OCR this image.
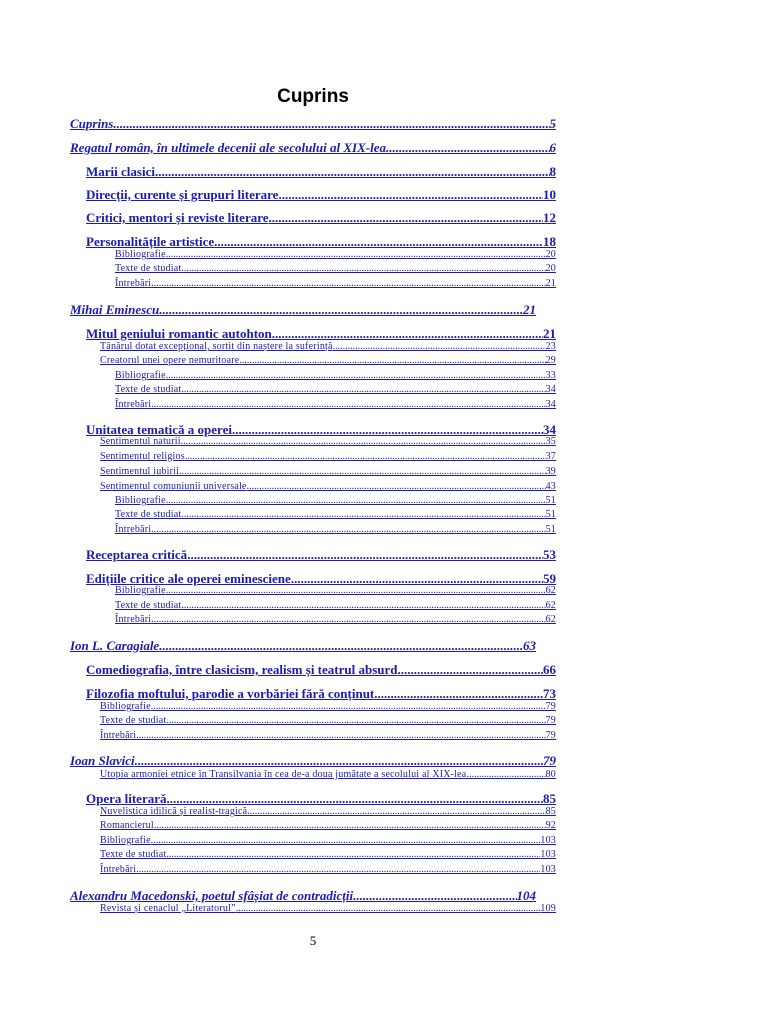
Cuprins
Cuprins .....	5
Regatul român, în ultimele decenii ale secolului al XIX-lea .....	6
Marii clasici .....	8
Direcții, curente și grupuri literare .....	10
Critici, mentori și reviste literare .....	12
Personalitățile artistice .....	18
Bibliografie .....	20
Texte de studiat .....	20
Întrebări .....	21
Mihai Eminescu .....	21
Mitul geniului romantic autohton .....	21
Tânărul dotat excepțional, sortit din naștere la suferință .....	23
Creatorul unei opere nemuritoare .....	29
Bibliografie .....	33
Texte de studiat .....	34
Întrebări .....	34
Unitatea tematică a operei .....	34
Sentimentul naturii .....	35
Sentimentul religios .....	37
Sentimentul iubirii .....	39
Sentimentul comuniunii universale .....	43
Bibliografie .....	51
Texte de studiat .....	51
Întrebări .....	51
Receptarea critică .....	53
Edițiile critice ale operei eminesciene .....	59
Bibliografie .....	62
Texte de studiat .....	62
Întrebări .....	62
Ion L. Caragiale .....	63
Comediografia, între clasicism, realism și teatrul absurd .....	66
Filozofia moftului, parodie a vorbăriei fără conținut .....	73
Bibliografie .....	79
Texte de studiat .....	79
Întrebări .....	79
Ioan Slavici .....	79
Utopia armoniei etnice în Transilvania în cea de-a doua jumătate a secolului al XIX-lea .....	80
Opera literară .....	85
Nuvelistica idilică și realist-tragică .....	85
Romancierul .....	92
Bibliografie .....	103
Texte de studiat .....	103
Întrebări .....	103
Alexandru Macedonski, poetul sfâșiat de contradicții .....	104
Revista și cenaclul „Literatorul” .....	109
5
